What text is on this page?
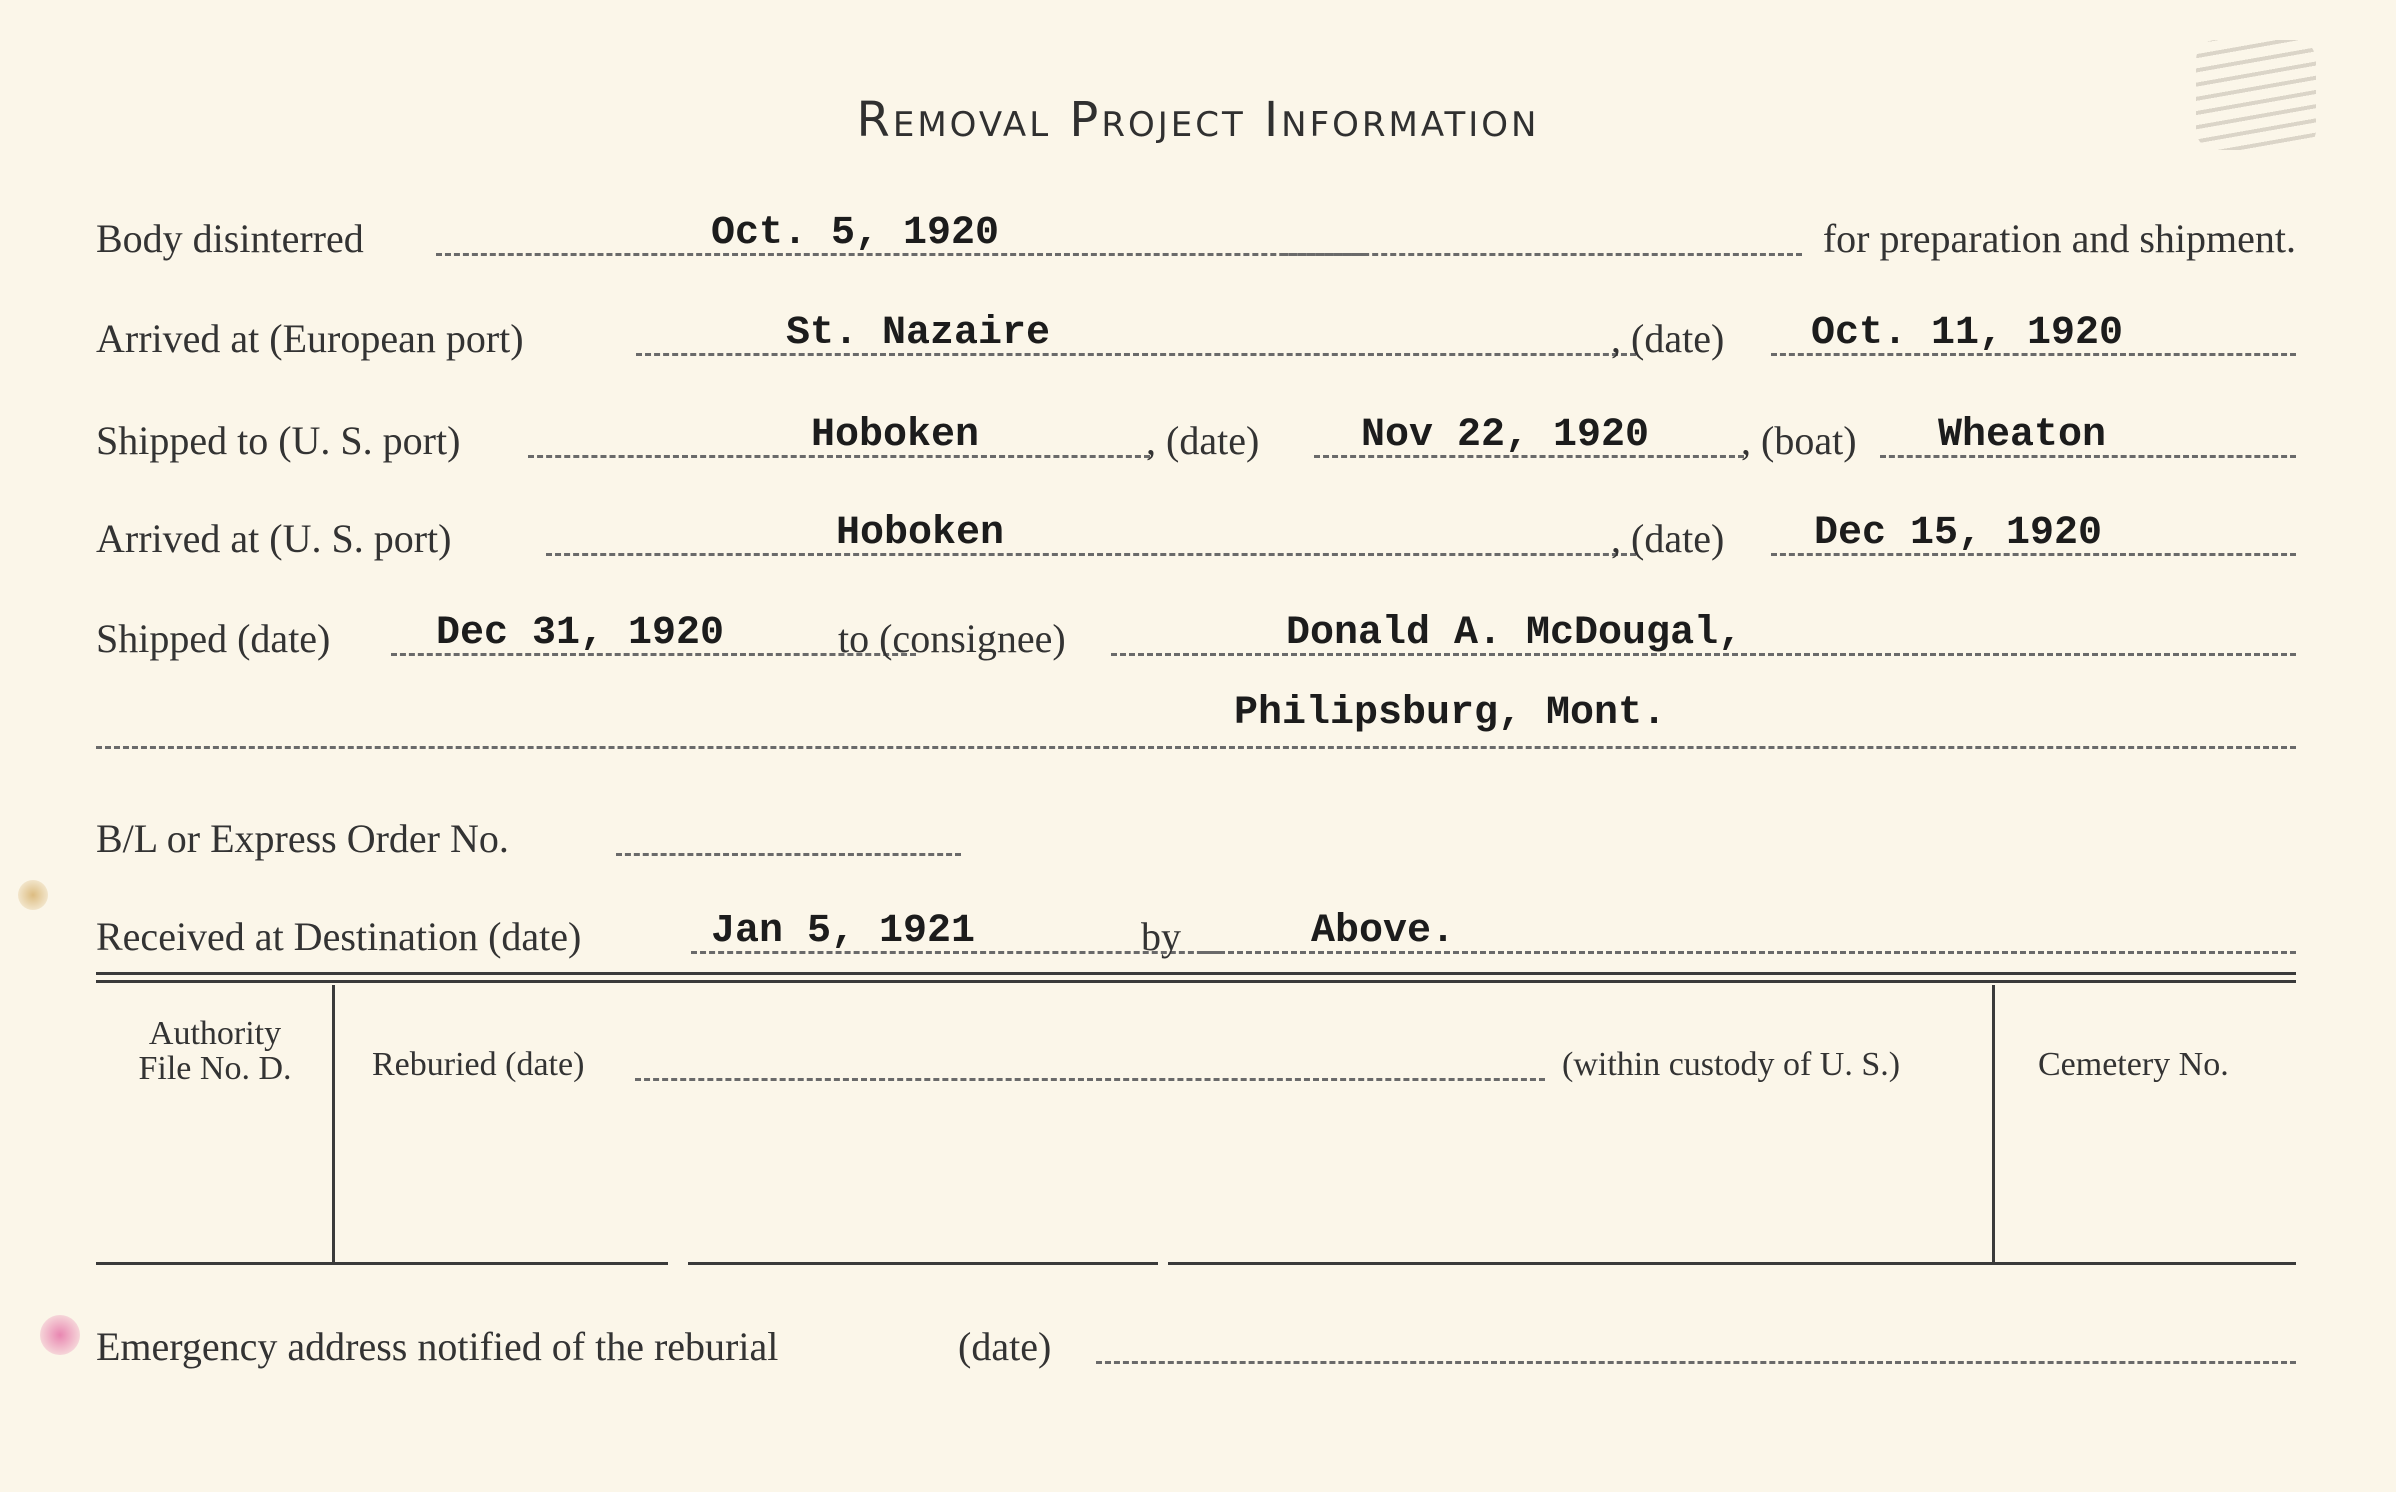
Removal Project Information
Body disinterred	Oct. 5, 1920	for preparation and shipment.
Arrived at (European port)	St. Nazaire	, (date) Oct. 11, 1920
Shipped to (U. S. port)	Hoboken	, (date)	Nov 22, 1920 , (boat) Wheaton
Arrived at (U. S. port)	Hoboken	, (date) Dec 15, 1920
Shipped (date)	Dec 31, 1920	to (consignee)	Donald A. McDougal,
Philipsburg, Mont.
B/L or Express Order No.
Received at Destination (date)	Jan 5, 1921	by	Above.
Authority
File No. D.	Reburied (date)	(within custody of U. S.)	Cemetery No.
Emergency address notified of the reburial	(date)
